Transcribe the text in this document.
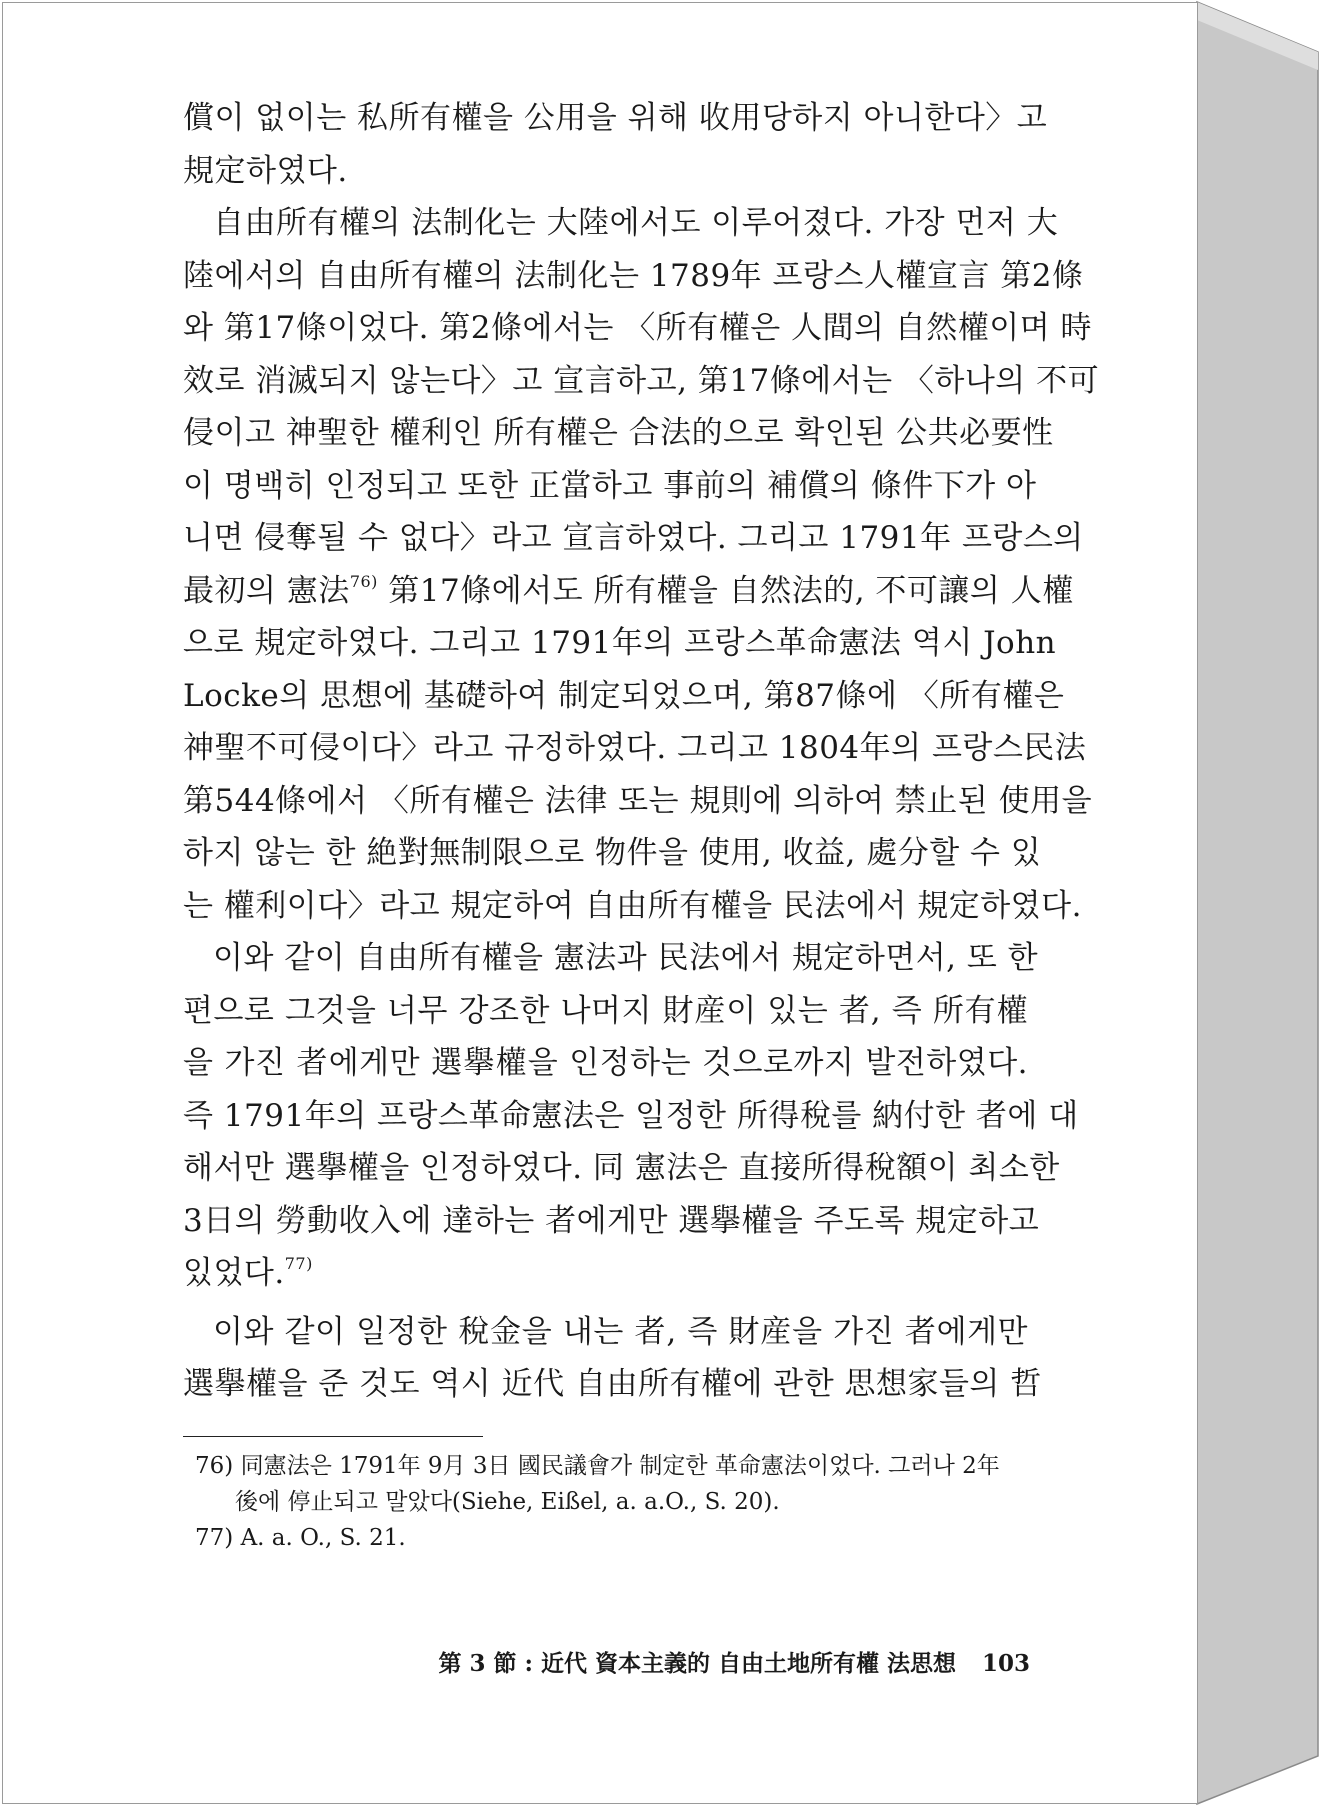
償이 없이는 私所有權을 公用을 위해 收用당하지 아니한다〉고
規定하였다.
自由所有權의 法制化는 大陸에서도 이루어졌다. 가장 먼저 大
陸에서의 自由所有權의 法制化는 1789年 프랑스人權宣言 第2條
와 第17條이었다. 第2條에서는 〈所有權은 人間의 自然權이며 時
效로 消滅되지 않는다〉고 宣言하고, 第17條에서는 〈하나의 不可
侵이고 神聖한 權利인 所有權은 合法的으로 확인된 公共必要性
이 명백히 인정되고 또한 正當하고 事前의 補償의 條件下가 아
니면 侵奪될 수 없다〉라고 宣言하였다. 그리고 1791年 프랑스의
最初의 憲法$^{76)}$ 第17條에서도 所有權을 自然法的, 不可讓의 人權
으로 規定하였다. 그리고 1791年의 프랑스革命憲法 역시 John
Locke의 思想에 基礎하여 制定되었으며, 第87條에 〈所有權은
神聖不可侵이다〉라고 규정하였다. 그리고 1804年의 프랑스民法
第544條에서 〈所有權은 法律 또는 規則에 의하여 禁止된 使用을
하지 않는 한 絶對無制限으로 物件을 使用, 收益, 處分할 수 있
는 權利이다〉라고 規定하여 自由所有權을 民法에서 規定하였다.
이와 같이 自由所有權을 憲法과 民法에서 規定하면서, 또 한
편으로 그것을 너무 강조한 나머지 財産이 있는 者, 즉 所有權
을 가진 者에게만 選擧權을 인정하는 것으로까지 발전하였다.
즉 1791年의 프랑스革命憲法은 일정한 所得稅를 納付한 者에 대
해서만 選擧權을 인정하였다. 同 憲法은 直接所得稅額이 최소한
3日의 勞動收入에 達하는 者에게만 選擧權을 주도록 規定하고
있었다.$^{77)}$
이와 같이 일정한 稅金을 내는 者, 즉 財産을 가진 者에게만
選擧權을 준 것도 역시 近代 自由所有權에 관한 思想家들의 哲
76) 同憲法은 1791年 9月 3日 國民議會가 制定한 革命憲法이었다. 그러나 2年
後에 停止되고 말았다(Siehe, Eißel, a. a.O., S. 20).
77) A. a. O., S. 21.
第 3 節 : 近代 資本主義的 自由土地所有權 法思想 103
